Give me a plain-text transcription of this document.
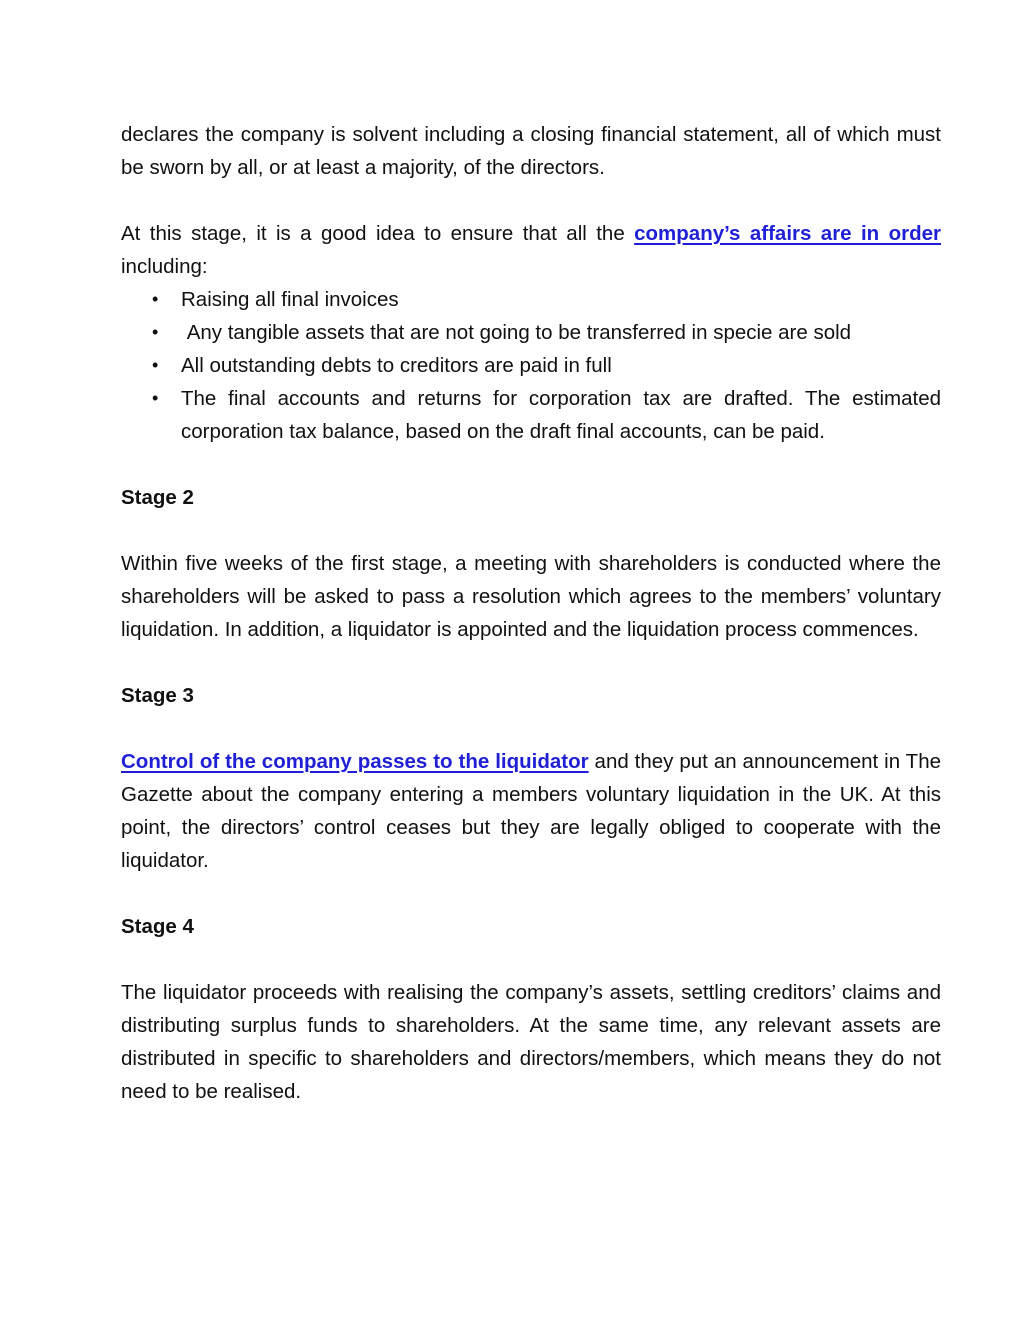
declares the company is solvent including a closing financial statement, all of which must be sworn by all, or at least a majority, of the directors.

At this stage, it is a good idea to ensure that all the company’s affairs are in order including:

•	Raising all final invoices
•	Any tangible assets that are not going to be transferred in specie are sold
•	All outstanding debts to creditors are paid in full
•	The final accounts and returns for corporation tax are drafted. The estimated corporation tax balance, based on the draft final accounts, can be paid.

Stage 2

Within five weeks of the first stage, a meeting with shareholders is conducted where the shareholders will be asked to pass a resolution which agrees to the members’ voluntary liquidation. In addition, a liquidator is appointed and the liquidation process commences.

Stage 3

Control of the company passes to the liquidator and they put an announcement in The Gazette about the company entering a members voluntary liquidation in the UK. At this point, the directors’ control ceases but they are legally obliged to cooperate with the liquidator.

Stage 4

The liquidator proceeds with realising the company’s assets, settling creditors’ claims and distributing surplus funds to shareholders. At the same time, any relevant assets are distributed in specific to shareholders and directors/members, which means they do not need to be realised.
